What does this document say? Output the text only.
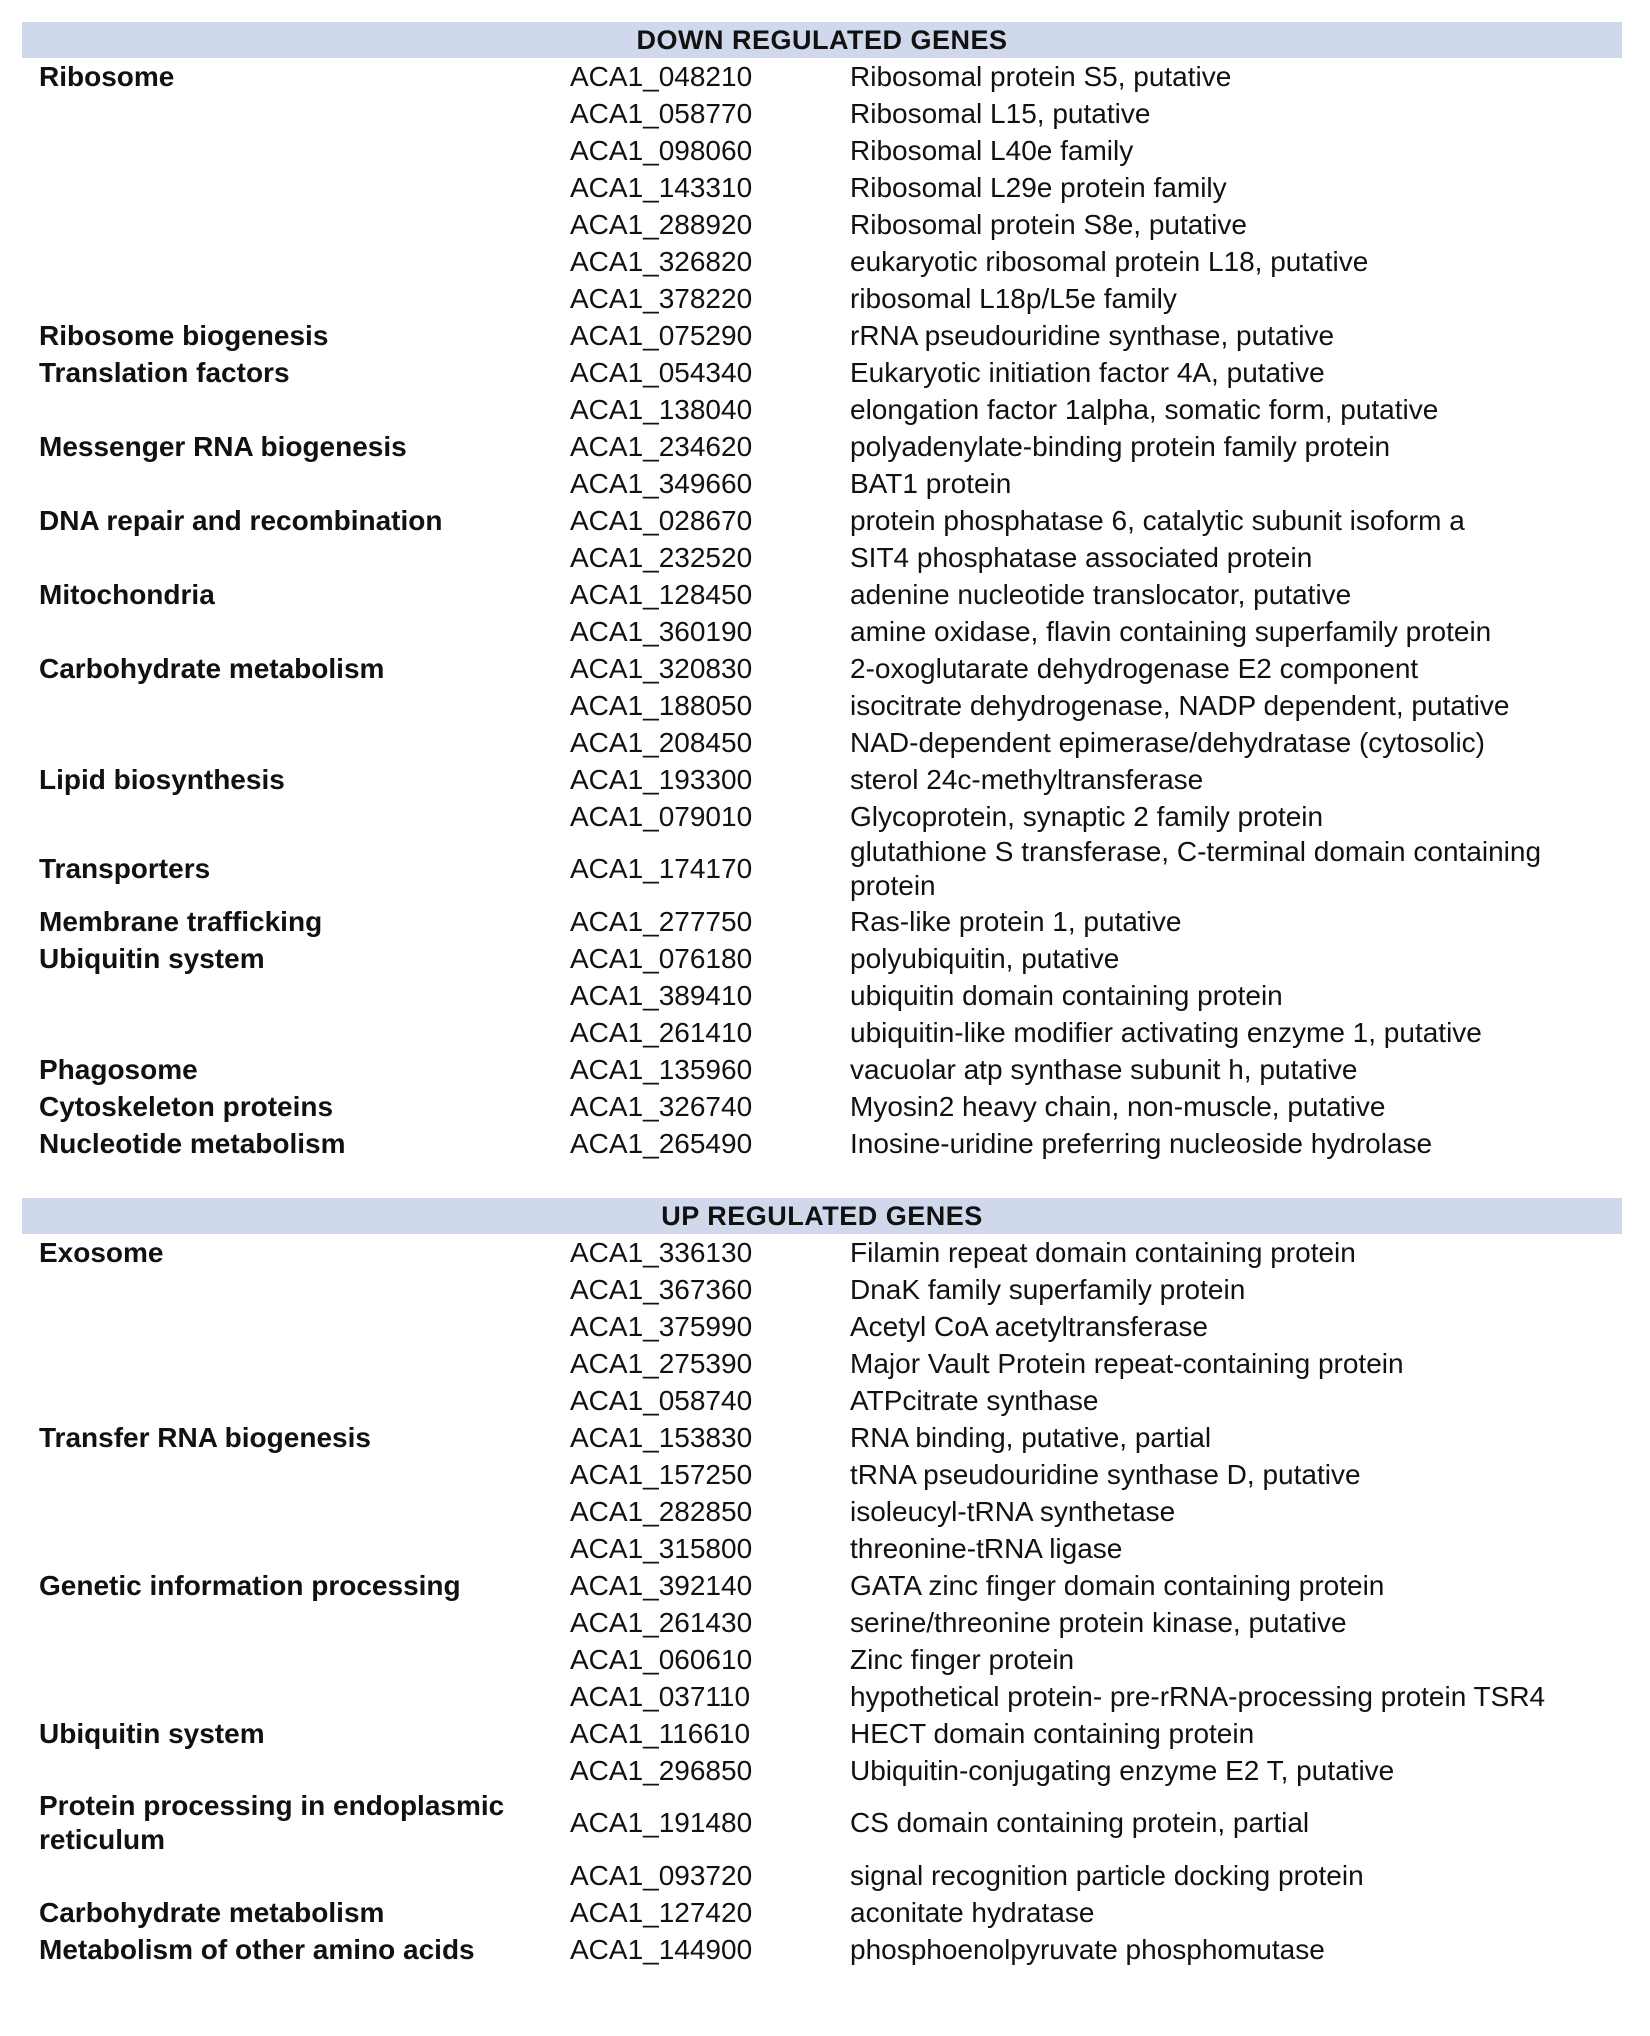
DOWN REGULATED GENES
Ribosome	ACA1_048210	Ribosomal protein S5, putative
	ACA1_058770	Ribosomal L15, putative
	ACA1_098060	Ribosomal L40e family
	ACA1_143310	Ribosomal L29e protein family
	ACA1_288920	Ribosomal protein S8e, putative
	ACA1_326820	eukaryotic ribosomal protein L18, putative
	ACA1_378220	ribosomal L18p/L5e family
Ribosome biogenesis	ACA1_075290	rRNA pseudouridine synthase, putative
Translation factors	ACA1_054340	Eukaryotic initiation factor 4A, putative
	ACA1_138040	elongation factor 1alpha, somatic form, putative
Messenger RNA biogenesis	ACA1_234620	polyadenylate-binding protein family protein
	ACA1_349660	BAT1 protein
DNA repair and recombination	ACA1_028670	protein phosphatase 6, catalytic subunit isoform a
	ACA1_232520	SIT4 phosphatase associated protein
Mitochondria	ACA1_128450	adenine nucleotide translocator, putative
	ACA1_360190	amine oxidase, flavin containing superfamily protein
Carbohydrate metabolism	ACA1_320830	2-oxoglutarate dehydrogenase E2 component
	ACA1_188050	isocitrate dehydrogenase, NADP dependent, putative
	ACA1_208450	NAD-dependent epimerase/dehydratase (cytosolic)
Lipid biosynthesis	ACA1_193300	sterol 24c-methyltransferase
	ACA1_079010	Glycoprotein, synaptic 2 family protein
Transporters	ACA1_174170	glutathione S transferase, C-terminal domain containing protein
Membrane trafficking	ACA1_277750	Ras-like protein 1, putative
Ubiquitin system	ACA1_076180	polyubiquitin, putative
	ACA1_389410	ubiquitin domain containing protein
	ACA1_261410	ubiquitin-like modifier activating enzyme 1, putative
Phagosome	ACA1_135960	vacuolar atp synthase subunit h, putative
Cytoskeleton proteins	ACA1_326740	Myosin2 heavy chain, non-muscle, putative
Nucleotide metabolism	ACA1_265490	Inosine-uridine preferring nucleoside hydrolase
UP REGULATED GENES
Exosome	ACA1_336130	Filamin repeat domain containing protein
	ACA1_367360	DnaK family superfamily protein
	ACA1_375990	Acetyl CoA acetyltransferase
	ACA1_275390	Major Vault Protein repeat-containing protein
	ACA1_058740	ATPcitrate synthase
Transfer RNA biogenesis	ACA1_153830	RNA binding, putative, partial
	ACA1_157250	tRNA pseudouridine synthase D, putative
	ACA1_282850	isoleucyl-tRNA synthetase
	ACA1_315800	threonine-tRNA ligase
Genetic information processing	ACA1_392140	GATA zinc finger domain containing protein
	ACA1_261430	serine/threonine protein kinase, putative
	ACA1_060610	Zinc finger protein
	ACA1_037110	hypothetical protein- pre-rRNA-processing protein TSR4
Ubiquitin system	ACA1_116610	HECT domain containing protein
	ACA1_296850	Ubiquitin-conjugating enzyme E2 T, putative
Protein processing in endoplasmic reticulum	ACA1_191480	CS domain containing protein, partial
	ACA1_093720	signal recognition particle docking protein
Carbohydrate metabolism	ACA1_127420	aconitate hydratase
Metabolism of other amino acids	ACA1_144900	phosphoenolpyruvate phosphomutase
